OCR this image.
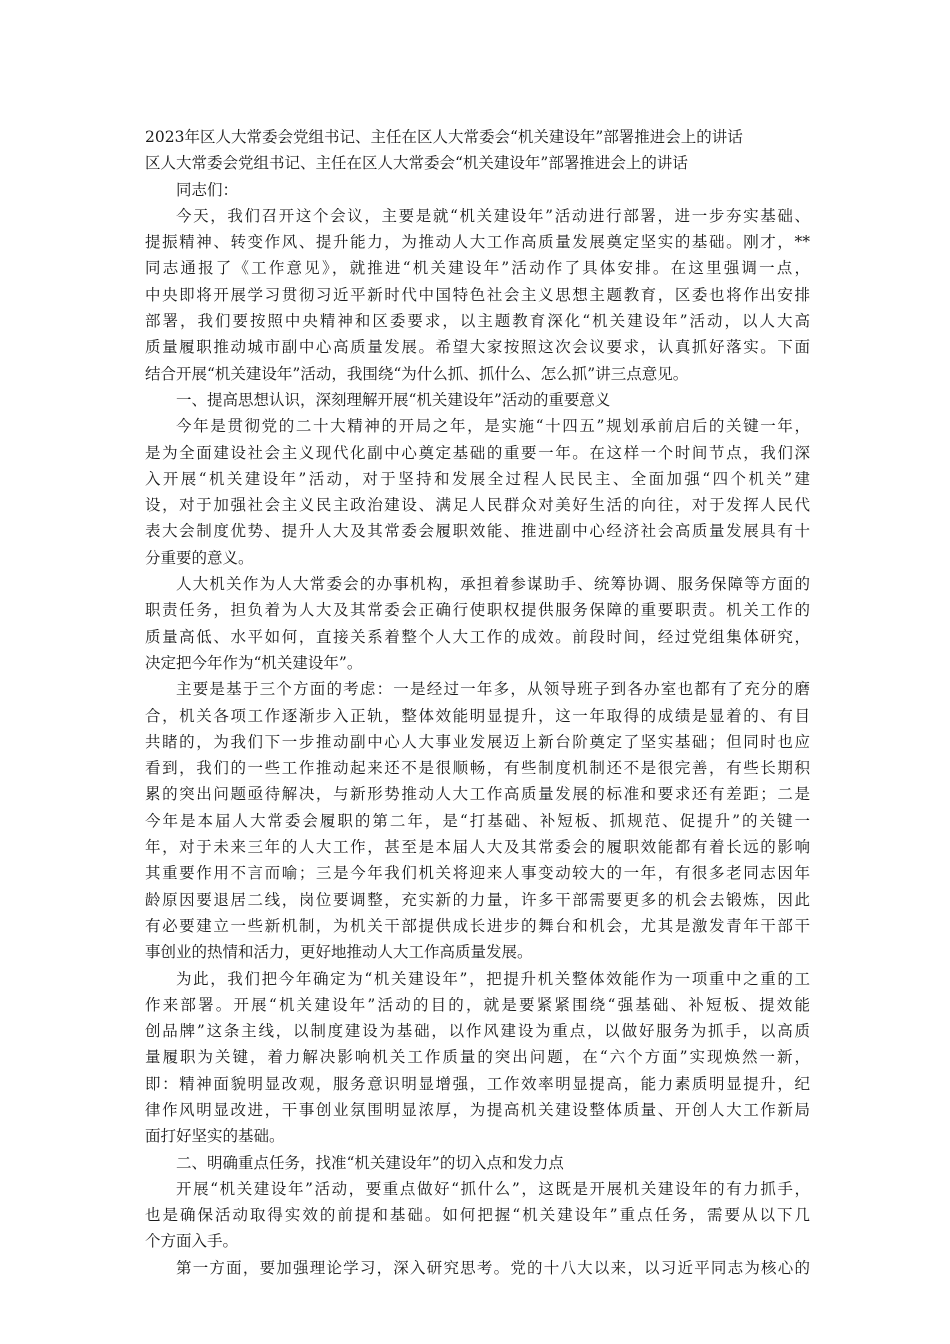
2023年区人大常委会党组书记、主任在区人大常委会“机关建设年”部署推进会上的讲话
区人大常委会党组书记、主任在区人大常委会“机关建设年”部署推进会上的讲话
同志们：
今天，我们召开这个会议，主要是就“机关建设年”活动进行部署，进一步夯实基础、
提振精神、转变作风、提升能力，为推动人大工作高质量发展奠定坚实的基础。刚才，**
同志通报了《工作意见》，就推进“机关建设年”活动作了具体安排。在这里强调一点，
中央即将开展学习贯彻习近平新时代中国特色社会主义思想主题教育，区委也将作出安排
部署，我们要按照中央精神和区委要求，以主题教育深化“机关建设年”活动，以人大高
质量履职推动城市副中心高质量发展。希望大家按照这次会议要求，认真抓好落实。下面
结合开展“机关建设年”活动，我围绕“为什么抓、抓什么、怎么抓”讲三点意见。
一、提高思想认识，深刻理解开展“机关建设年”活动的重要意义
今年是贯彻党的二十大精神的开局之年，是实施“十四五”规划承前启后的关键一年，
是为全面建设社会主义现代化副中心奠定基础的重要一年。在这样一个时间节点，我们深
入开展“机关建设年”活动，对于坚持和发展全过程人民民主、全面加强“四个机关”建
设，对于加强社会主义民主政治建设、满足人民群众对美好生活的向往，对于发挥人民代
表大会制度优势、提升人大及其常委会履职效能、推进副中心经济社会高质量发展具有十
分重要的意义。
人大机关作为人大常委会的办事机构，承担着参谋助手、统筹协调、服务保障等方面的
职责任务，担负着为人大及其常委会正确行使职权提供服务保障的重要职责。机关工作的
质量高低、水平如何，直接关系着整个人大工作的成效。前段时间，经过党组集体研究，
决定把今年作为“机关建设年”。
主要是基于三个方面的考虑：一是经过一年多，从领导班子到各办室也都有了充分的磨
合，机关各项工作逐渐步入正轨，整体效能明显提升，这一年取得的成绩是显着的、有目
共睹的，为我们下一步推动副中心人大事业发展迈上新台阶奠定了坚实基础；但同时也应
看到，我们的一些工作推动起来还不是很顺畅，有些制度机制还不是很完善，有些长期积
累的突出问题亟待解决，与新形势推动人大工作高质量发展的标准和要求还有差距；二是
今年是本届人大常委会履职的第二年，是“打基础、补短板、抓规范、促提升”的关键一
年，对于未来三年的人大工作，甚至是本届人大及其常委会的履职效能都有着长远的影响
其重要作用不言而喻；三是今年我们机关将迎来人事变动较大的一年，有很多老同志因年
龄原因要退居二线，岗位要调整，充实新的力量，许多干部需要更多的机会去锻炼，因此
有必要建立一些新机制，为机关干部提供成长进步的舞台和机会，尤其是激发青年干部干
事创业的热情和活力，更好地推动人大工作高质量发展。
为此，我们把今年确定为“机关建设年”，把提升机关整体效能作为一项重中之重的工
作来部署。开展“机关建设年”活动的目的，就是要紧紧围绕“强基础、补短板、提效能
创品牌”这条主线，以制度建设为基础，以作风建设为重点，以做好服务为抓手，以高质
量履职为关键，着力解决影响机关工作质量的突出问题，在“六个方面”实现焕然一新，
即：精神面貌明显改观，服务意识明显增强，工作效率明显提高，能力素质明显提升，纪
律作风明显改进，干事创业氛围明显浓厚，为提高机关建设整体质量、开创人大工作新局
面打好坚实的基础。
二、明确重点任务，找准“机关建设年”的切入点和发力点
开展“机关建设年”活动，要重点做好“抓什么”，这既是开展机关建设年的有力抓手，
也是确保活动取得实效的前提和基础。如何把握“机关建设年”重点任务，需要从以下几
个方面入手。
第一方面，要加强理论学习，深入研究思考。党的十八大以来，以习近平同志为核心的
